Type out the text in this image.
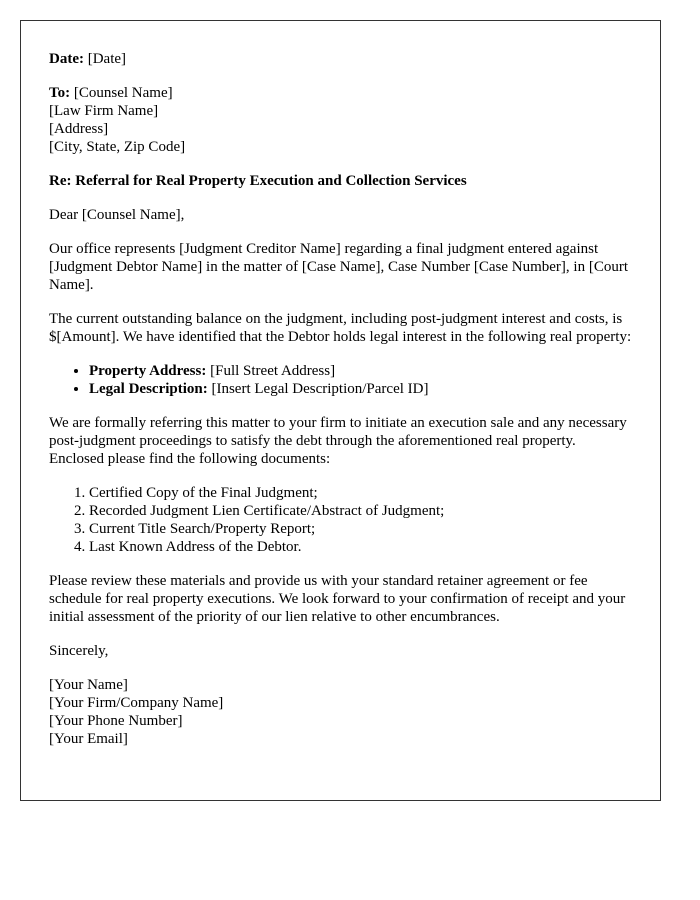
Date: [Date]

To: [Counsel Name]
[Law Firm Name]
[Address]
[City, State, Zip Code]

Re: Referral for Real Property Execution and Collection Services

Dear [Counsel Name],

Our office represents [Judgment Creditor Name] regarding a final judgment entered against [Judgment Debtor Name] in the matter of [Case Name], Case Number [Case Number], in [Court Name].

The current outstanding balance on the judgment, including post-judgment interest and costs, is $[Amount]. We have identified that the Debtor holds legal interest in the following real property:

• Property Address: [Full Street Address]
• Legal Description: [Insert Legal Description/Parcel ID]

We are formally referring this matter to your firm to initiate an execution sale and any necessary post-judgment proceedings to satisfy the debt through the aforementioned real property. Enclosed please find the following documents:

1. Certified Copy of the Final Judgment;
2. Recorded Judgment Lien Certificate/Abstract of Judgment;
3. Current Title Search/Property Report;
4. Last Known Address of the Debtor.

Please review these materials and provide us with your standard retainer agreement or fee schedule for real property executions. We look forward to your confirmation of receipt and your initial assessment of the priority of our lien relative to other encumbrances.

Sincerely,

[Your Name]
[Your Firm/Company Name]
[Your Phone Number]
[Your Email]
